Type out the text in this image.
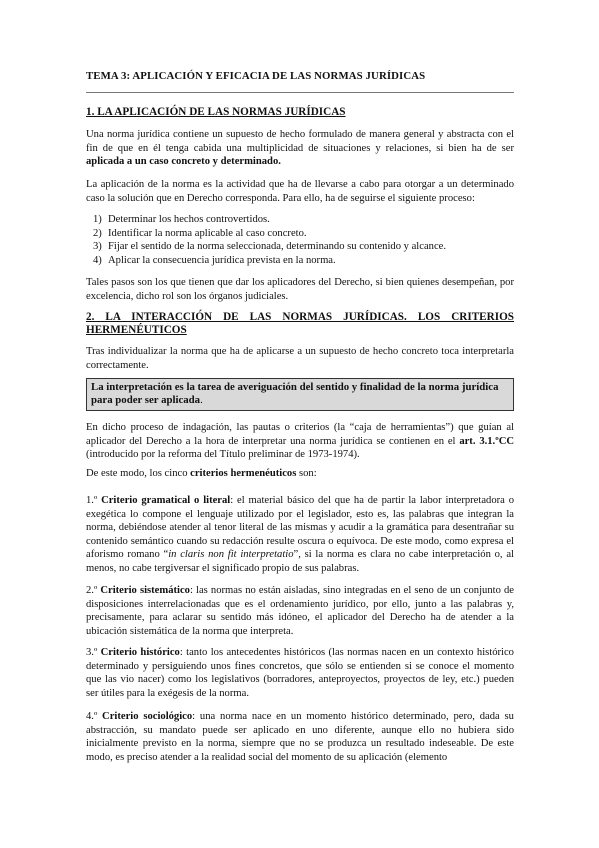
TEMA 3: APLICACIÓN Y EFICACIA DE LAS NORMAS JURÍDICAS
1. LA APLICACIÓN DE LAS NORMAS JURÍDICAS
Una norma jurídica contiene un supuesto de hecho formulado de manera general y abstracta con el fin de que en él tenga cabida una multiplicidad de situaciones y relaciones, si bien ha de ser aplicada a un caso concreto y determinado.
La aplicación de la norma es la actividad que ha de llevarse a cabo para otorgar a un determinado caso la solución que en Derecho corresponda. Para ello, ha de seguirse el siguiente proceso:
1) Determinar los hechos controvertidos.
2) Identificar la norma aplicable al caso concreto.
3) Fijar el sentido de la norma seleccionada, determinando su contenido y alcance.
4) Aplicar la consecuencia jurídica prevista en la norma.
Tales pasos son los que tienen que dar los aplicadores del Derecho, si bien quienes desempeñan, por excelencia, dicho rol son los órganos judiciales.
2. LA INTERACCIÓN DE LAS NORMAS JURÍDICAS. LOS CRITERIOS HERMENÉUTICOS
Tras individualizar la norma que ha de aplicarse a un supuesto de hecho concreto toca interpretarla correctamente.
La interpretación es la tarea de averiguación del sentido y finalidad de la norma jurídica para poder ser aplicada.
En dicho proceso de indagación, las pautas o criterios (la “caja de herramientas”) que guían al aplicador del Derecho a la hora de interpretar una norma jurídica se contienen en el art. 3.1.ºCC (introducido por la reforma del Título preliminar de 1973-1974).
De este modo, los cinco criterios hermenéuticos son:
1.º Criterio gramatical o literal: el material básico del que ha de partir la labor interpretadora o exegética lo compone el lenguaje utilizado por el legislador, esto es, las palabras que integran la norma, debiéndose atender al tenor literal de las mismas y acudir a la gramática para desentrañar su contenido semántico cuando su redacción resulte oscura o equívoca. De este modo, como expresa el aforismo romano “in claris non fit interpretatio”, si la norma es clara no cabe interpretación o, al menos, no cabe tergiversar el significado propio de sus palabras.
2.º Criterio sistemático: las normas no están aisladas, sino integradas en el seno de un conjunto de disposiciones interrelacionadas que es el ordenamiento jurídico, por ello, junto a las palabras y, precisamente, para aclarar su sentido más idóneo, el aplicador del Derecho ha de atender a la ubicación sistemática de la norma que interpreta.
3.º Criterio histórico: tanto los antecedentes históricos (las normas nacen en un contexto histórico determinado y persiguiendo unos fines concretos, que sólo se entienden si se conoce el momento que las vio nacer) como los legislativos (borradores, anteproyectos, proyectos de ley, etc.) pueden ser útiles para la exégesis de la norma.
4.º Criterio sociológico: una norma nace en un momento histórico determinado, pero, dada su abstracción, su mandato puede ser aplicado en uno diferente, aunque ello no hubiera sido inicialmente previsto en la norma, siempre que no se produzca un resultado indeseable. De este modo, es preciso atender a la realidad social del momento de su aplicación (elemento
